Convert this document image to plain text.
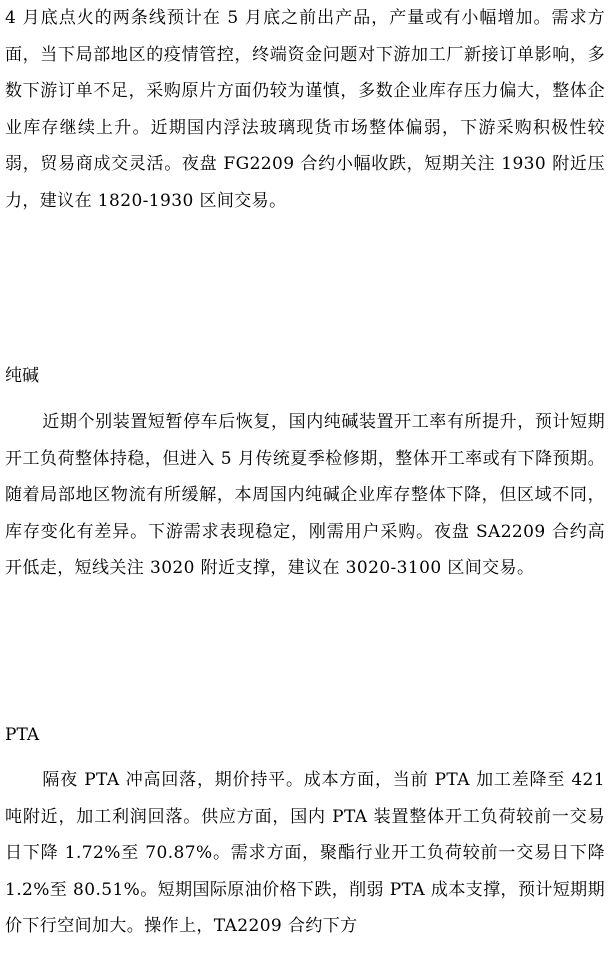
4 月底点火的两条线预计在 5 月底之前出产品，产量或有小幅增加。需求方面，当下局部地区的疫情管控，终端资金问题对下游加工厂新接订单影响，多数下游订单不足，采购原片方面仍较为谨慎，多数企业库存压力偏大，整体企业库存继续上升。近期国内浮法玻璃现货市场整体偏弱，下游采购积极性较弱，贸易商成交灵活。夜盘 FG2209 合约小幅收跌，短期关注 1930 附近压力，建议在 1820-1930 区间交易。

纯碱

近期个别装置短暂停车后恢复，国内纯碱装置开工率有所提升，预计短期开工负荷整体持稳，但进入 5 月传统夏季检修期，整体开工率或有下降预期。随着局部地区物流有所缓解，本周国内纯碱企业库存整体下降，但区域不同，库存变化有差异。下游需求表现稳定，刚需用户采购。夜盘 SA2209 合约高开低走，短线关注 3020 附近支撑，建议在 3020-3100 区间交易。

PTA

隔夜 PTA 冲高回落，期价持平。成本方面，当前 PTA 加工差降至 421 吨附近，加工利润回落。供应方面，国内 PTA 装置整体开工负荷较前一交易日下降 1.72%至 70.87%。需求方面，聚酯行业开工负荷较前一交易日下降 1.2%至 80.51%。短期国际原油价格下跌，削弱 PTA 成本支撑，预计短期期价下行空间加大。操作上，TA2209 合约下方
